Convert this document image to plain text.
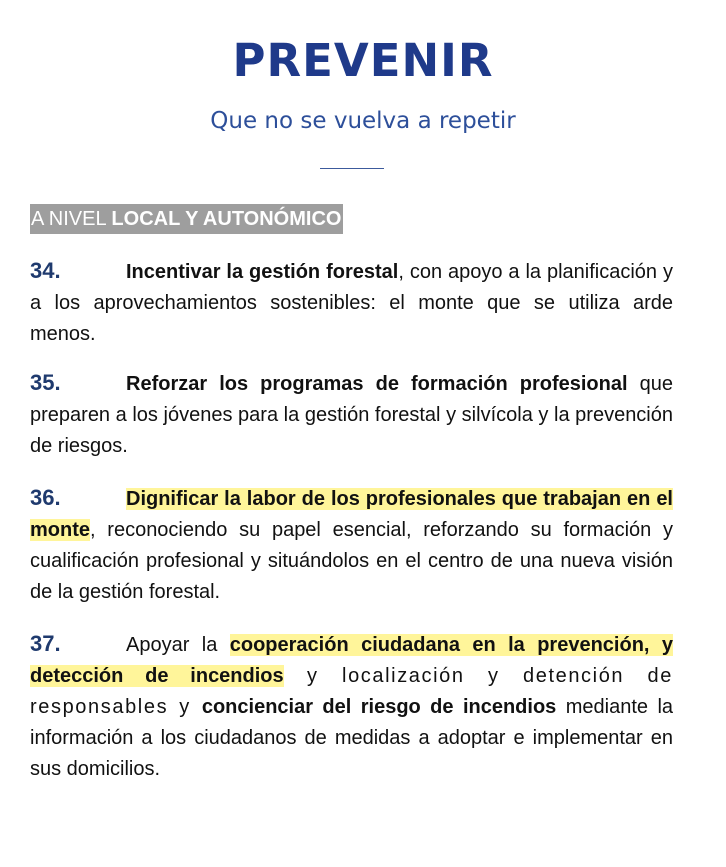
PREVENIR
Que no se vuelva a repetir
A NIVEL LOCAL Y AUTONÓMICO
34.	Incentivar la gestión forestal, con apoyo a la planificación y a los aprovechamientos sostenibles: el monte que se utiliza arde menos.
35.	Reforzar los programas de formación profesional que preparen a los jóvenes para la gestión forestal y silvícola y la prevención de riesgos.
36.	Dignificar la labor de los profesionales que trabajan en el monte, reconociendo su papel esencial, reforzando su formación y cualificación profesional y situándolos en el centro de una nueva visión de la gestión forestal.
37.	Apoyar la cooperación ciudadana en la prevención, y detección de incendios y localización y detención de responsables y concienciar del riesgo de incendios mediante la información a los ciudadanos de medidas a adoptar e implementar en sus domicilios.
